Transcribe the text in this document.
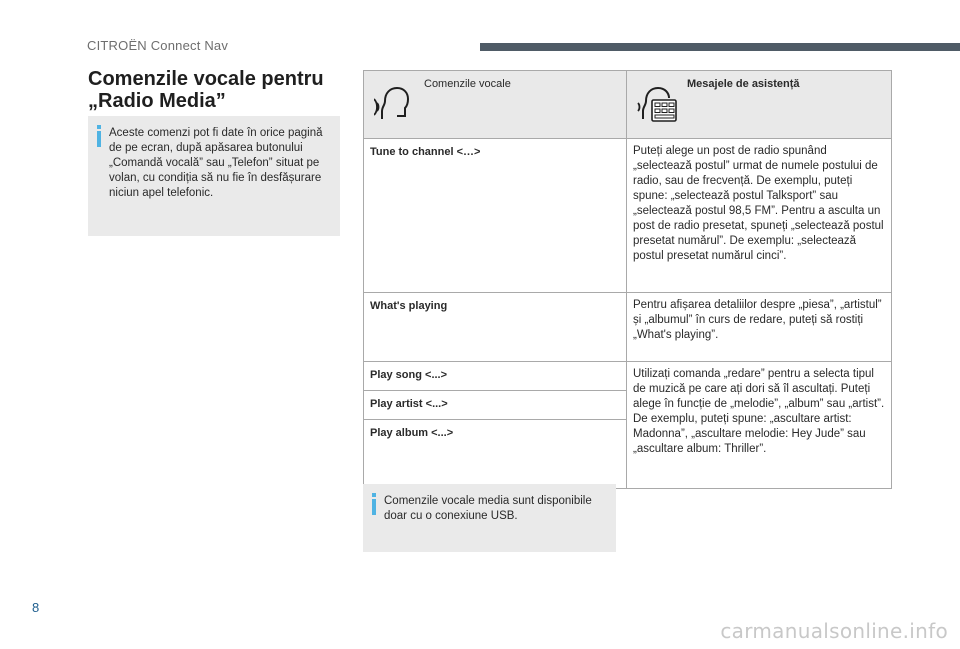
CITROËN Connect Nav
Comenzile vocale pentru
„Radio Media”

Aceste comenzi pot fi date în orice pagină de pe ecran, după apăsarea butonului „Comandă vocală” sau „Telefon” situat pe volan, cu condiția să nu fie în desfășurare niciun apel telefonic.

Comenzile vocale	Mesajele de asistență

Tune to channel <…>	Puteți alege un post de radio spunând „selectează postul” urmat de numele postului de radio, sau de frecvență. De exemplu, puteți spune: „selectează postul Talksport” sau „selectează postul 98,5 FM”. Pentru a asculta un post de radio presetat, spuneți „selectează postul presetat numărul”. De exemplu: „selectează postul presetat numărul cinci”.
What's playing	Pentru afișarea detaliilor despre „piesa”, „artistul” și „albumul” în curs de redare, puteți să rostiți „What's playing”.
Play song <...>	Utilizați comanda „redare” pentru a selecta tipul de muzică pe care ați dori să îl ascultați. Puteți alege în funcție de „melodie”, „album” sau „artist”. De exemplu, puteți spune: „ascultare artist: Madonna”, „ascultare melodie: Hey Jude” sau „ascultare album: Thriller”.
Play artist <...>	
Play album <...>	

Comenzile vocale media sunt disponibile doar cu o conexiune USB.

8
carmanualsonline.info
